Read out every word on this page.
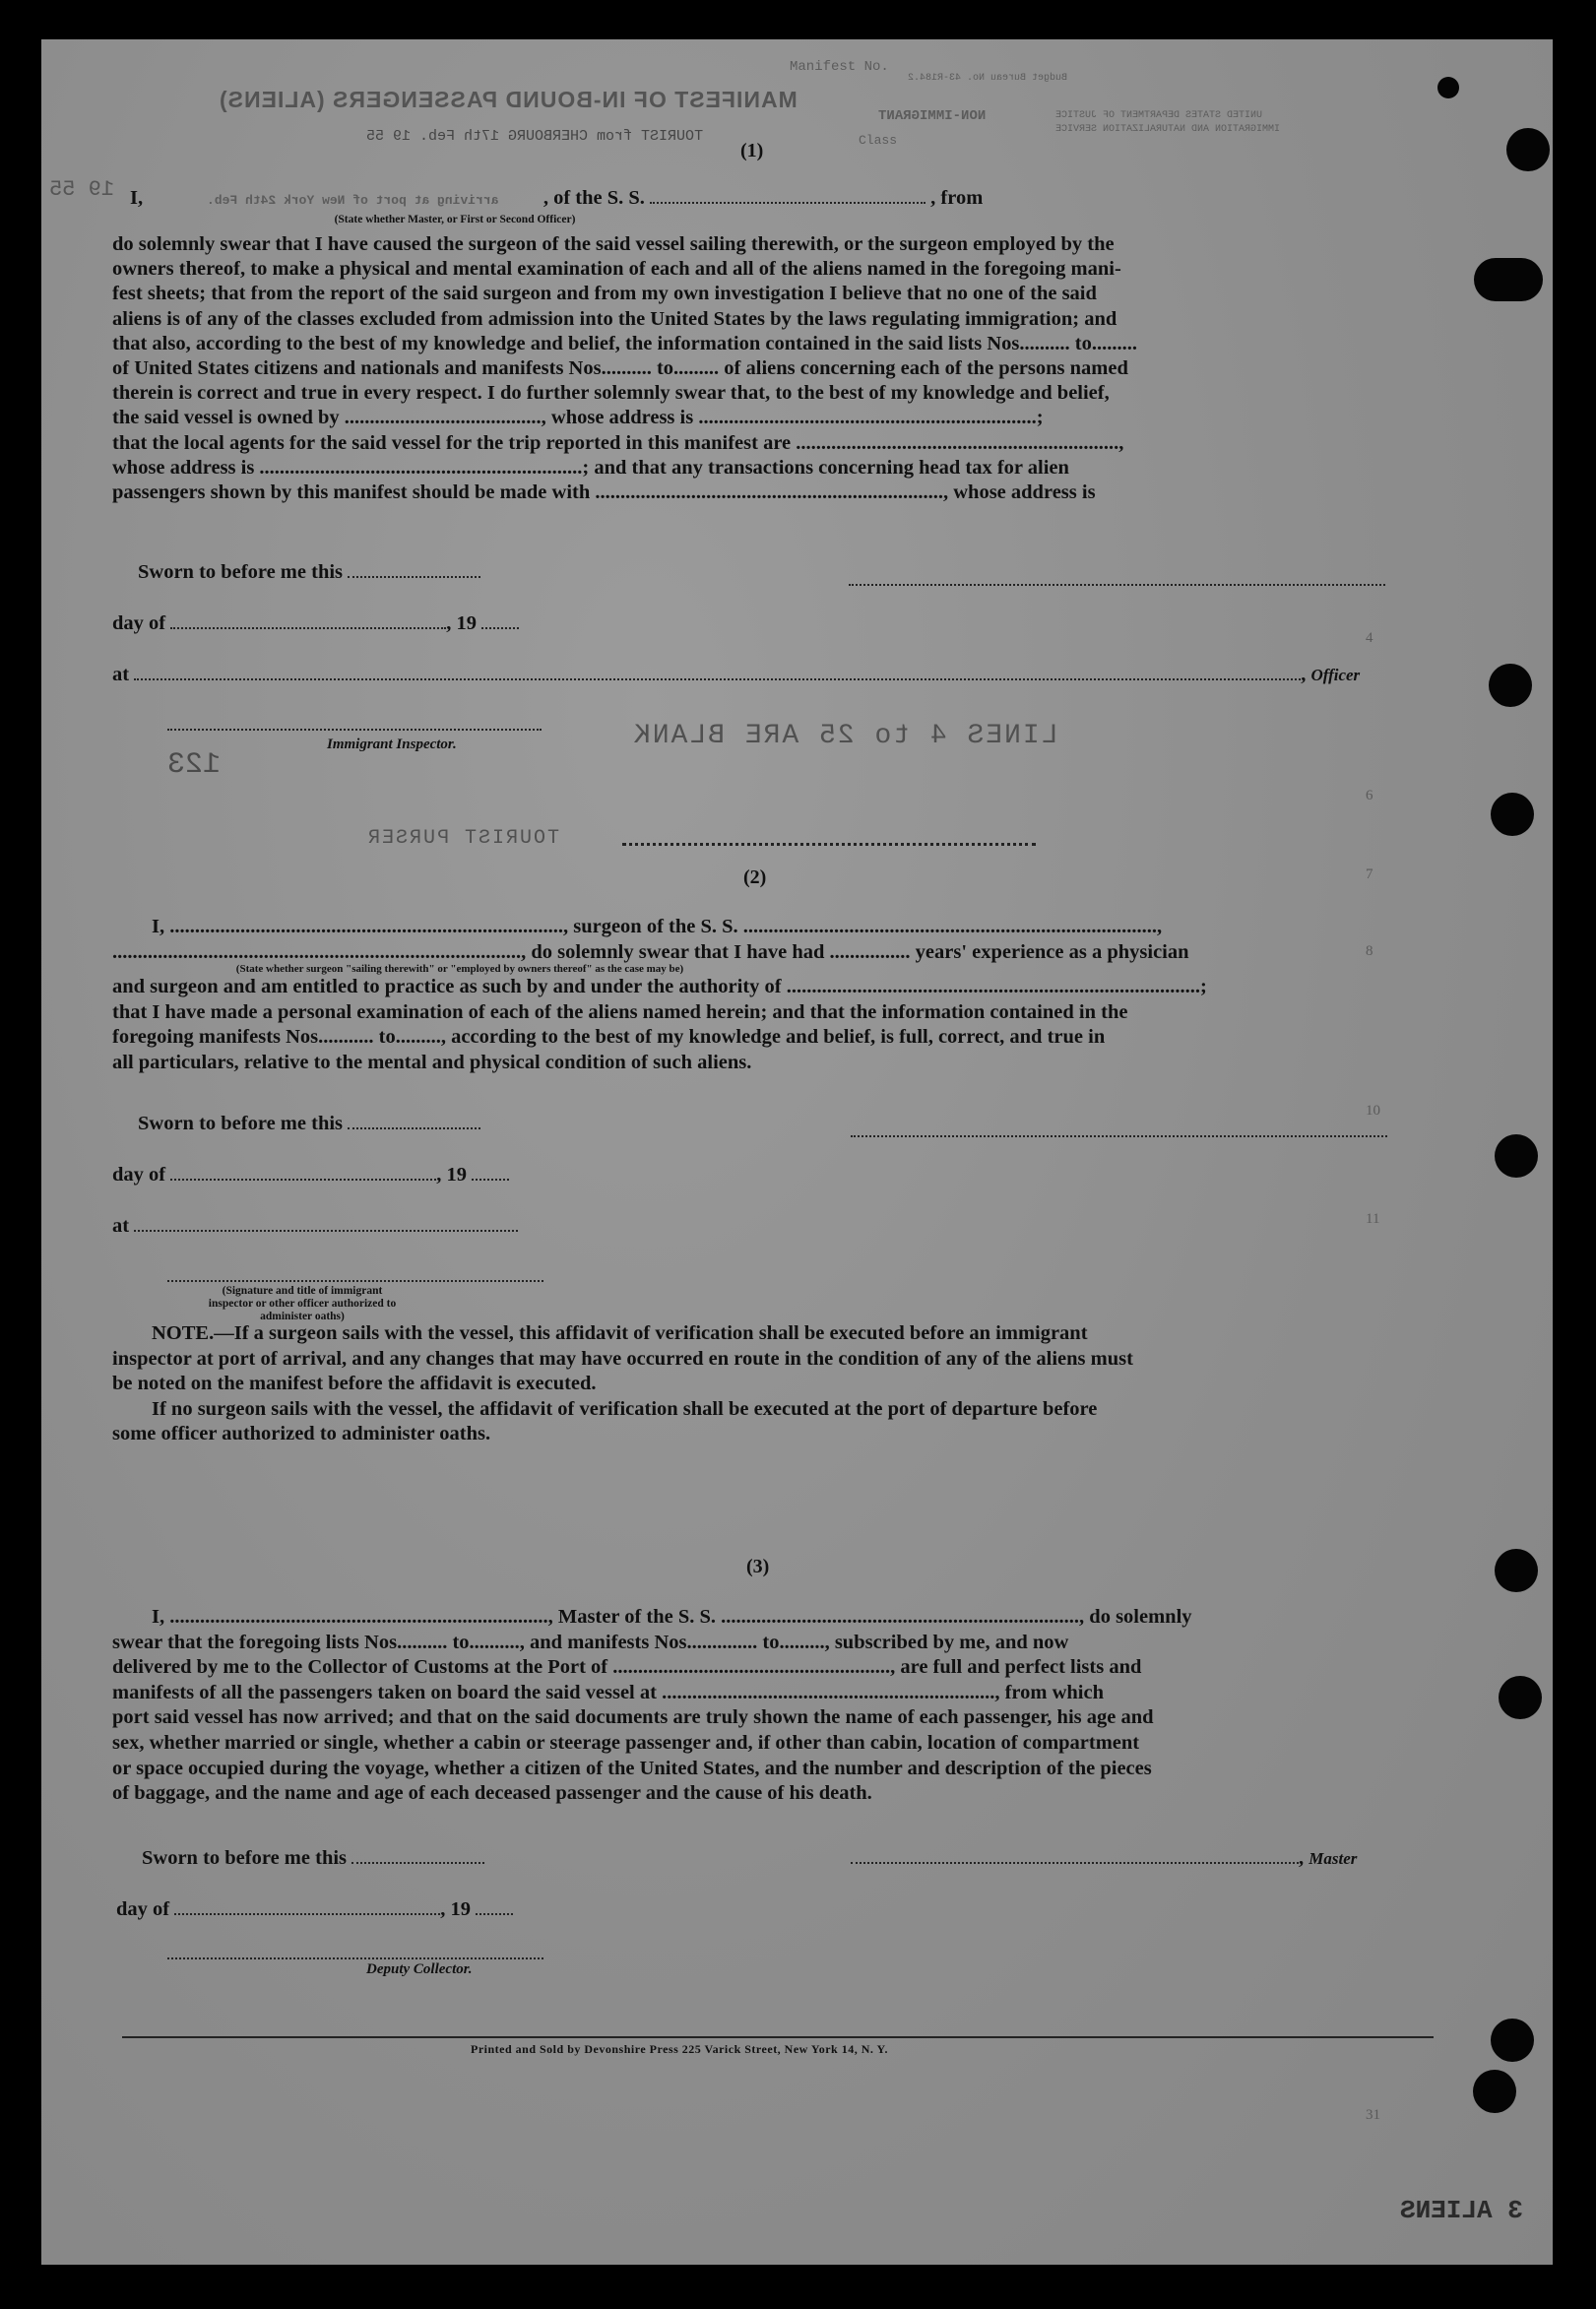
Manifest No.
MANIFEST OF IN-BOUND PASSENGERS (ALIENS)
Class
TOURIST from CHERBOURG 17th Feb. 19 55
NON-IMMIGRANT	UNITED STATES DEPARTMENT OF JUSTICE
IMMIGRATION AND NATURALIZATION SERVICE
Budget Bureau No. 43-R184.2
19 55
(1)
I,	arriving at port of New York 24th Feb. , of the S. S.	, from
(State whether Master, or First or Second Officer)
do solemnly swear that I have caused the surgeon of the said vessel sailing therewith, or the surgeon employed by the
owners thereof, to make a physical and mental examination of each and all of the aliens named in the foregoing mani-
fest sheets; that from the report of the said surgeon and from my own investigation I believe that no one of the said
aliens is of any of the classes excluded from admission into the United States by the laws regulating immigration; and
that also, according to the best of my knowledge and belief, the information contained in the said lists Nos.......... to.........
of United States citizens and nationals and manifests Nos.......... to......... of aliens concerning each of the persons named
therein is correct and true in every respect. I do further solemnly swear that, to the best of my knowledge and belief,
the said vessel is owned by ......................................., whose address is ...................................................................;
that the local agents for the said vessel for the trip reported in this manifest are ................................................................,
whose address is ................................................................; and that any transactions concerning head tax for alien
passengers shown by this manifest should be made with ....................................................................., whose address is
Sworn to before me this
day of	, 19
at	, Officer
Immigrant Inspector.	LINES 4 to 25 ARE BLANK
123
TOURIST PURSER
(2)
I, .............................................................................., surgeon of the S. S. ..................................................................................,
................................................................................., do solemnly swear that I have had ................ years' experience as a physician
and surgeon and am entitled to practice as such by and under the authority of ..................................................................................;
that I have made a personal examination of each of the aliens named herein; and that the information contained in the
foregoing manifests Nos........... to........., according to the best of my knowledge and belief, is full, correct, and true in
all particulars, relative to the mental and physical condition of such aliens.
(State whether surgeon "sailing therewith" or "employed by owners thereof" as the case may be)
Sworn to before me this
day of	, 19
at
(Signature and title of immigrant inspector or other officer authorized to administer oaths)
NOTE.—If a surgeon sails with the vessel, this affidavit of verification shall be executed before an immigrant
inspector at port of arrival, and any changes that may have occurred en route in the condition of any of the aliens must
be noted on the manifest before the affidavit is executed.
If no surgeon sails with the vessel, the affidavit of verification shall be executed at the port of departure before
some officer authorized to administer oaths.
(3)
I, ..........................................................................., Master of the S. S. ......................................................................., do solemnly
swear that the foregoing lists Nos.......... to.........., and manifests Nos.............. to........., subscribed by me, and now
delivered by me to the Collector of Customs at the Port of ......................................................., are full and perfect lists and
manifests of all the passengers taken on board the said vessel at .................................................................., from which
port said vessel has now arrived; and that on the said documents are truly shown the name of each passenger, his age and
sex, whether married or single, whether a cabin or steerage passenger and, if other than cabin, location of compartment
or space occupied during the voyage, whether a citizen of the United States, and the number and description of the pieces
of baggage, and the name and age of each deceased passenger and the cause of his death.
Sworn to before me this	, Master
day of	, 19
Deputy Collector.
Printed and Sold by Devonshire Press 225 Varick Street, New York 14, N. Y.
3 ALIENS
4
6
7
8
10
11
31
